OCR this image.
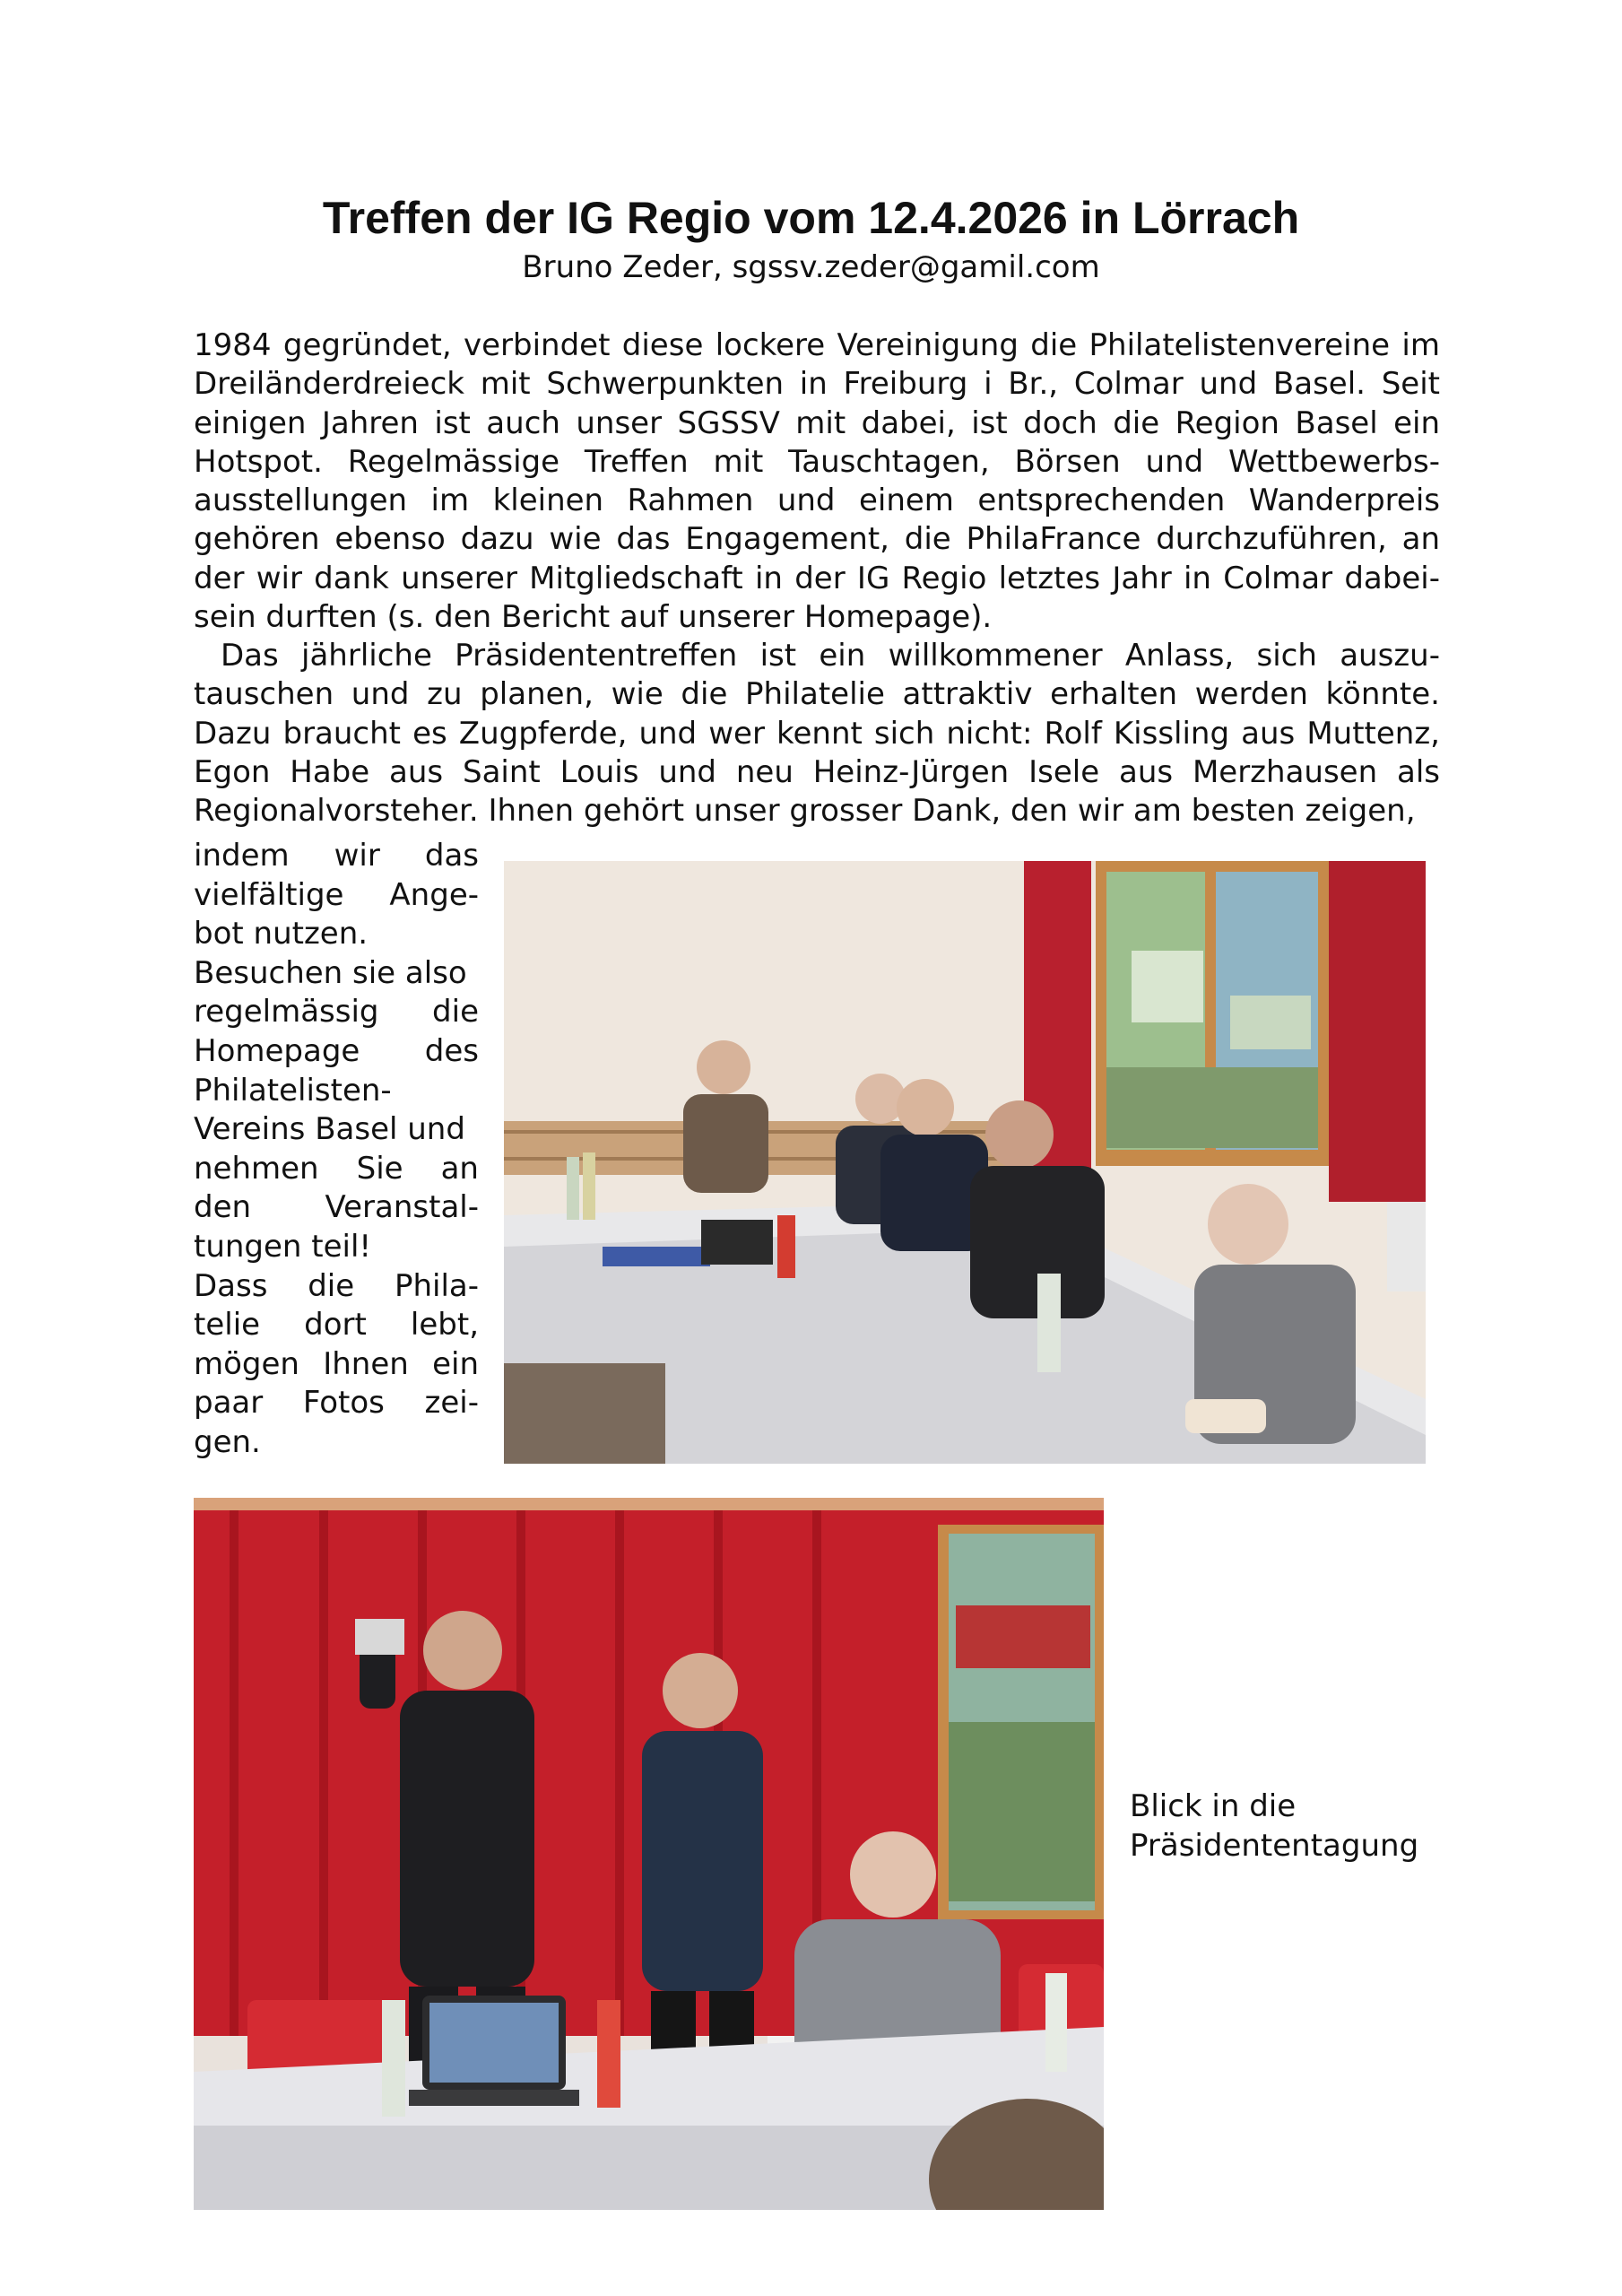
Treffen der IG Regio vom 12.4.2026 in Lörrach
Bruno Zeder, sgssv.zeder@gamil.com

1984 gegründet, verbindet diese lockere Vereinigung die Philatelistenvereine im Dreiländerdreieck mit Schwerpunkten in Freiburg i Br., Colmar und Basel. Seit einigen Jahren ist auch unser SGSSV mit dabei, ist doch die Region Basel ein Hotspot. Regelmässige Treffen mit Tauschtagen, Börsen und Wettbewerbsausstellungen im kleinen Rahmen und einem entsprechenden Wanderpreis gehören ebenso dazu wie das Engagement, die PhilaFrance durchzuführen, an der wir dank unserer Mitgliedschaft in der IG Regio letztes Jahr in Colmar dabeisein durften (s. den Bericht auf unserer Homepage).

Das jährliche Präsidententreffen ist ein willkommener Anlass, sich auszutauschen und zu planen, wie die Philatelie attraktiv erhalten werden könnte. Dazu braucht es Zugpferde, und wer kennt sich nicht: Rolf Kissling aus Muttenz, Egon Habe aus Saint Louis und neu Heinz-Jürgen Isele aus Merzhausen als Regionalvorsteher. Ihnen gehört unser grosser Dank, den wir am besten zeigen,

indem wir das
vielfältige Ange-
bot nutzen.
Besuchen sie also
regelmässig die
Homepage des
Philatelisten-
Vereins Basel und
nehmen Sie an
den Veranstal-
tungen teil!
Dass die Phila-
telie dort lebt,
mögen Ihnen ein
paar Fotos zei-
gen.

Blick in die Präsidententagung
